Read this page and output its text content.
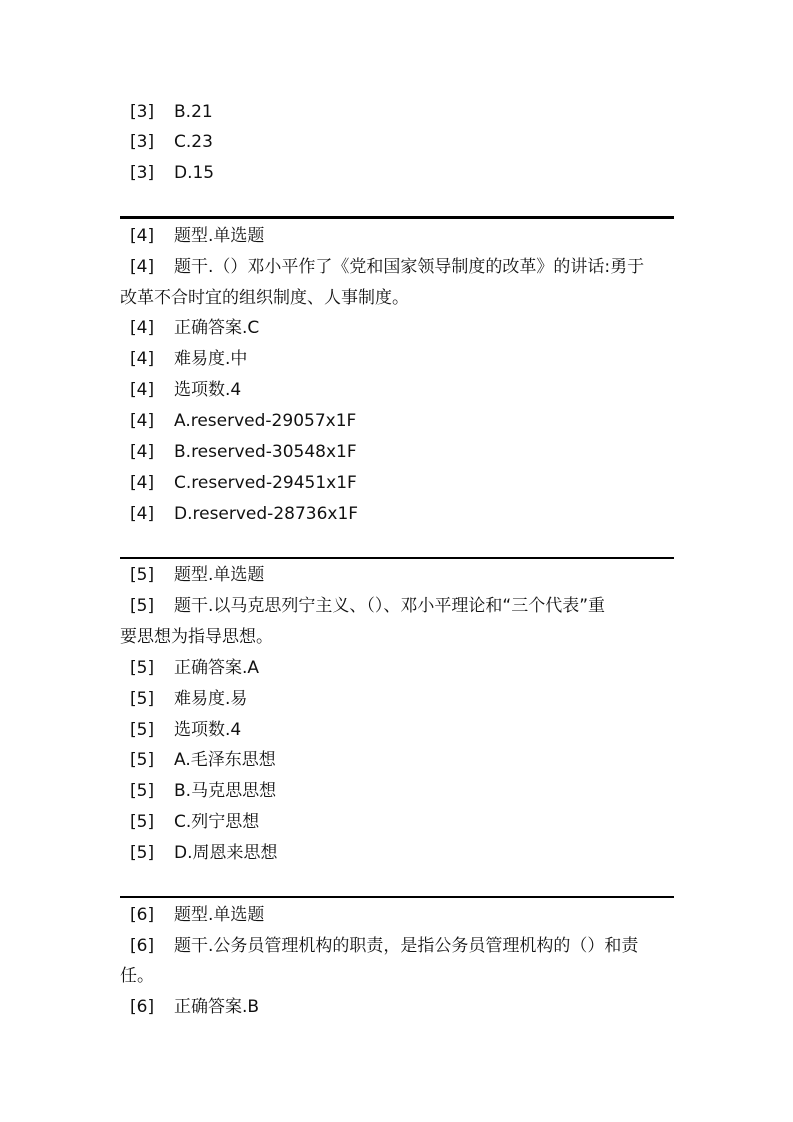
[3] B.21
[3] C.23
[3] D.15
[4] 题型.单选题
[4] 题干.（）邓小平作了《党和国家领导制度的改革》的讲话:勇于
改革不合时宜的组织制度、人事制度。
[4] 正确答案.C
[4] 难易度.中
[4] 选项数.4
[4] A.reserved-29057x1F
[4] B.reserved-30548x1F
[4] C.reserved-29451x1F
[4] D.reserved-28736x1F
[5] 题型.单选题
[5] 题干.以马克思列宁主义、（）、邓小平理论和“三个代表”重
要思想为指导思想。
[5] 正确答案.A
[5] 难易度.易
[5] 选项数.4
[5] A.毛泽东思想
[5] B.马克思思想
[5] C.列宁思想
[5] D.周恩来思想
[6] 题型.单选题
[6] 题干.公务员管理机构的职责，是指公务员管理机构的（）和责
任。
[6] 正确答案.B
